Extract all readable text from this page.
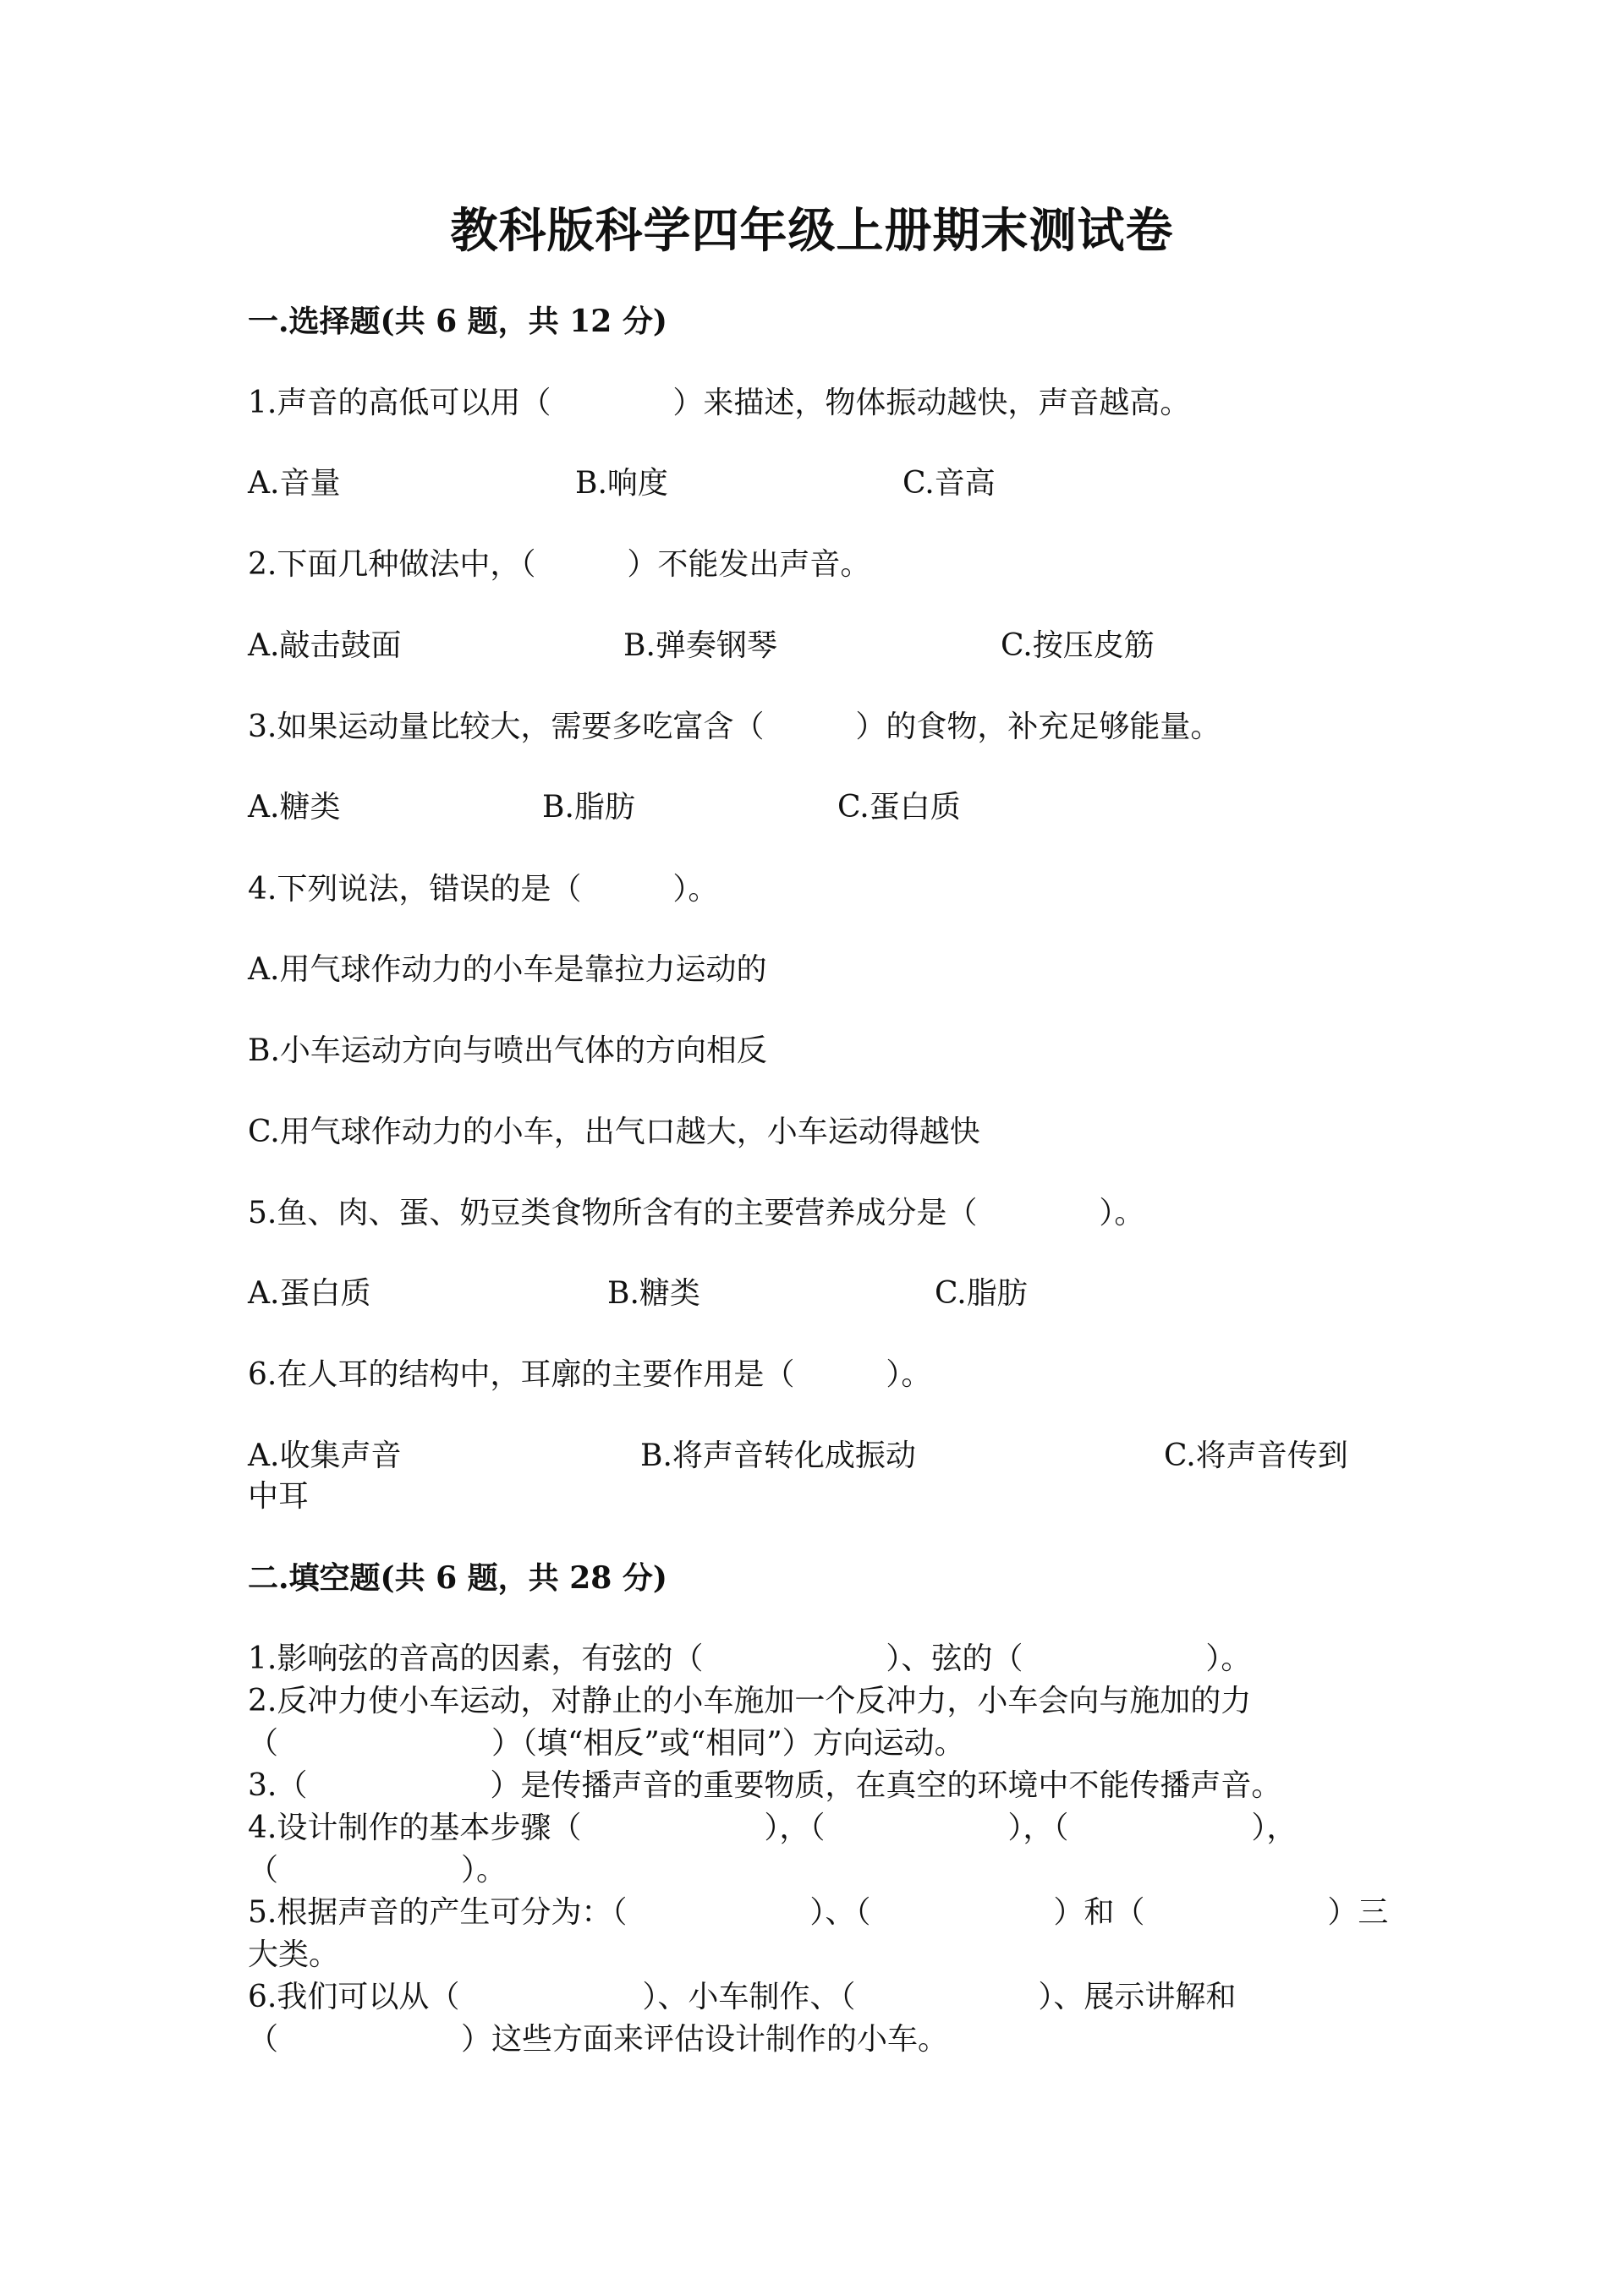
教科版科学四年级上册期末测试卷
一.选择题(共 6 题，共 12 分)
1.声音的高低可以用（　　　　）来描述，物体振动越快，声音越高。
A.音量	B.响度	C.音高
2.下面几种做法中，（　　　）不能发出声音。
A.敲击鼓面	B.弹奏钢琴	C.按压皮筋
3.如果运动量比较大，需要多吃富含（　　　）的食物，补充足够能量。
A.糖类	B.脂肪	C.蛋白质
4.下列说法，错误的是（　　　）。
A.用气球作动力的小车是靠拉力运动的
B.小车运动方向与喷出气体的方向相反
C.用气球作动力的小车，出气口越大，小车运动得越快
5.鱼、肉、蛋、奶豆类食物所含有的主要营养成分是（　　　　）。
A.蛋白质	B.糖类	C.脂肪
6.在人耳的结构中，耳廓的主要作用是（　　　）。
A.收集声音	B.将声音转化成振动	C.将声音传到
中耳
二.填空题(共 6 题，共 28 分)
1.影响弦的音高的因素，有弦的（　　　　　　）、弦的（　　　　　　）。
2.反冲力使小车运动，对静止的小车施加一个反冲力，小车会向与施加的力
（　　　　　　　）（填“相反”或“相同”）方向运动。
3.（　　　　　　）是传播声音的重要物质，在真空的环境中不能传播声音。
4.设计制作的基本步骤（　　　　　　），（　　　　　　），（　　　　　　），
（　　　　　　）。
5.根据声音的产生可分为：（　　　　　　）、（　　　　　　）和（　　　　　　）三
大类。
6.我们可以从（　　　　　　）、小车制作、（　　　　　　）、展示讲解和
（　　　　　　）这些方面来评估设计制作的小车。
